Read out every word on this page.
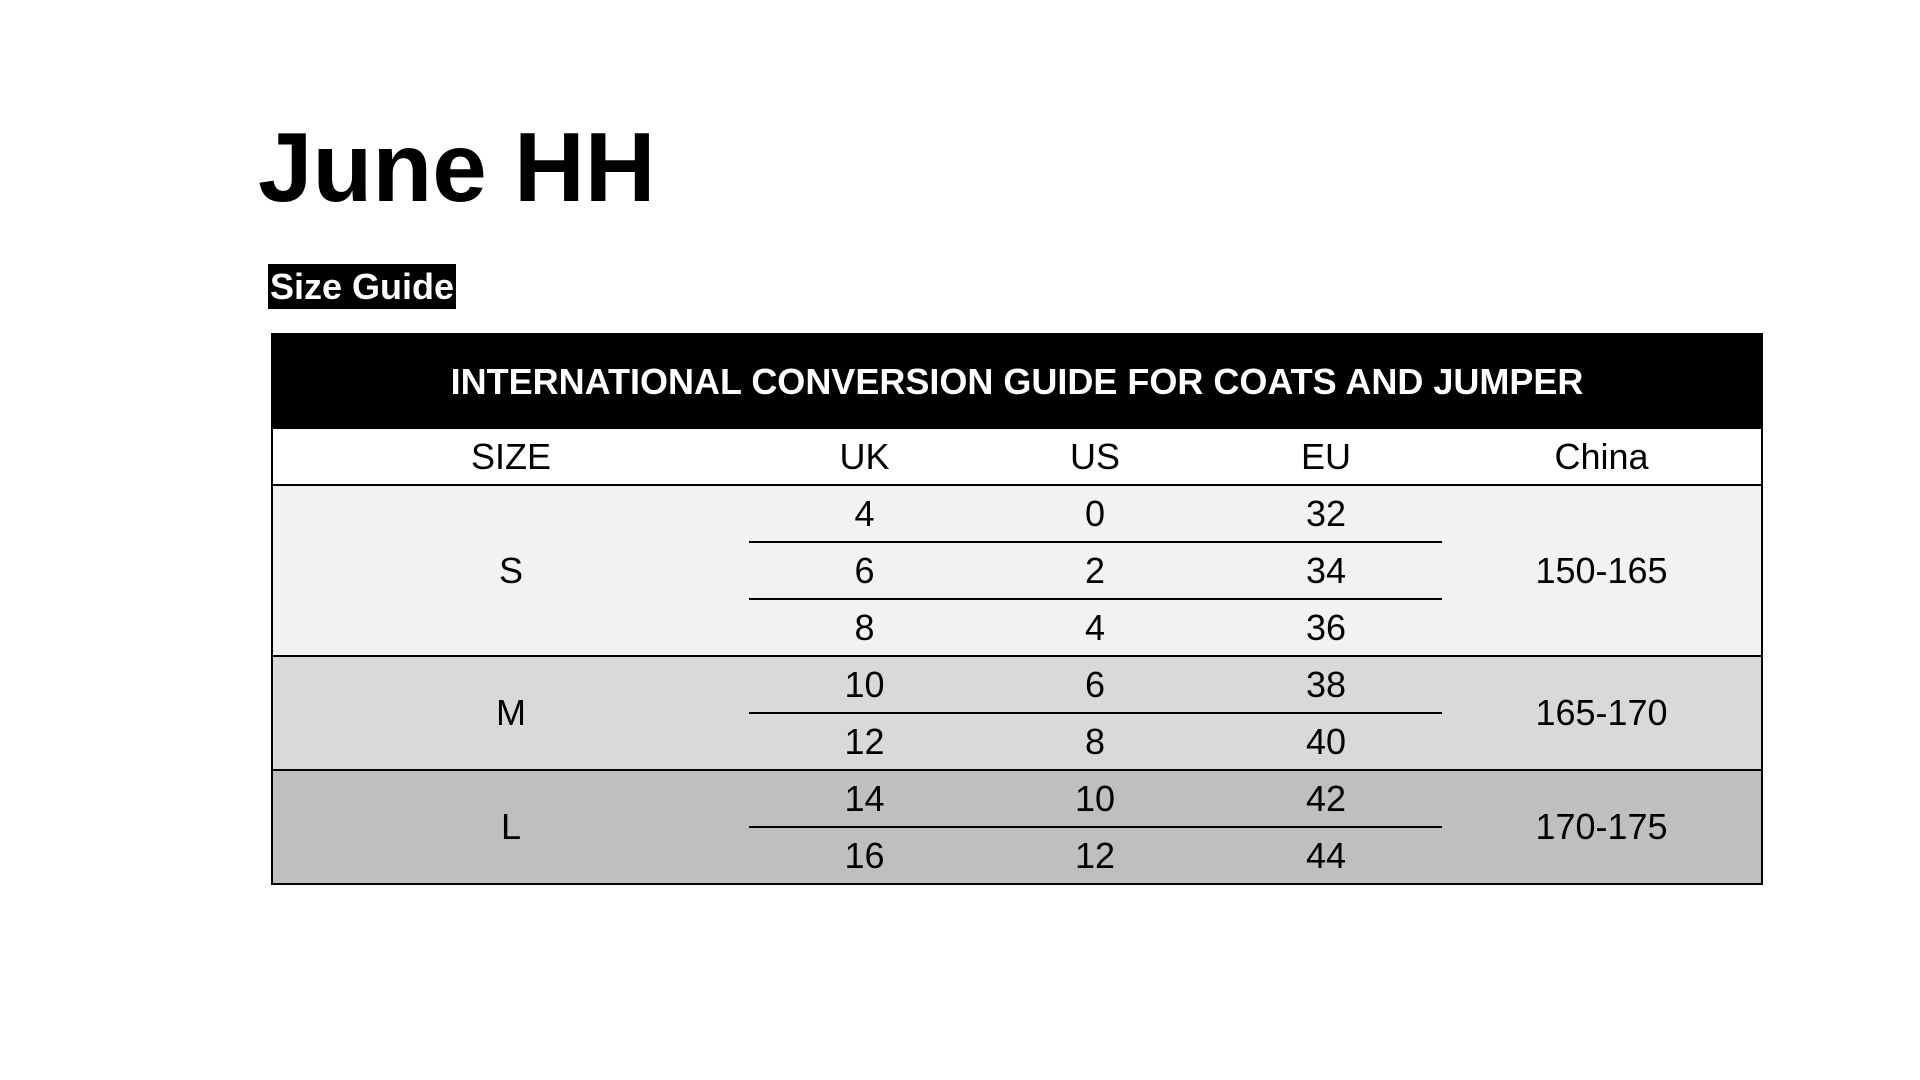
June HH
Size Guide
INTERNATIONAL CONVERSION GUIDE FOR COATS AND JUMPER				
SIZE	UK	US	EU	China
S	4	0	32	150-165
	6	2	34	
	8	4	36	
M	10	6	38	165-170
	12	8	40	
L	14	10	42	170-175
	16	12	44	
